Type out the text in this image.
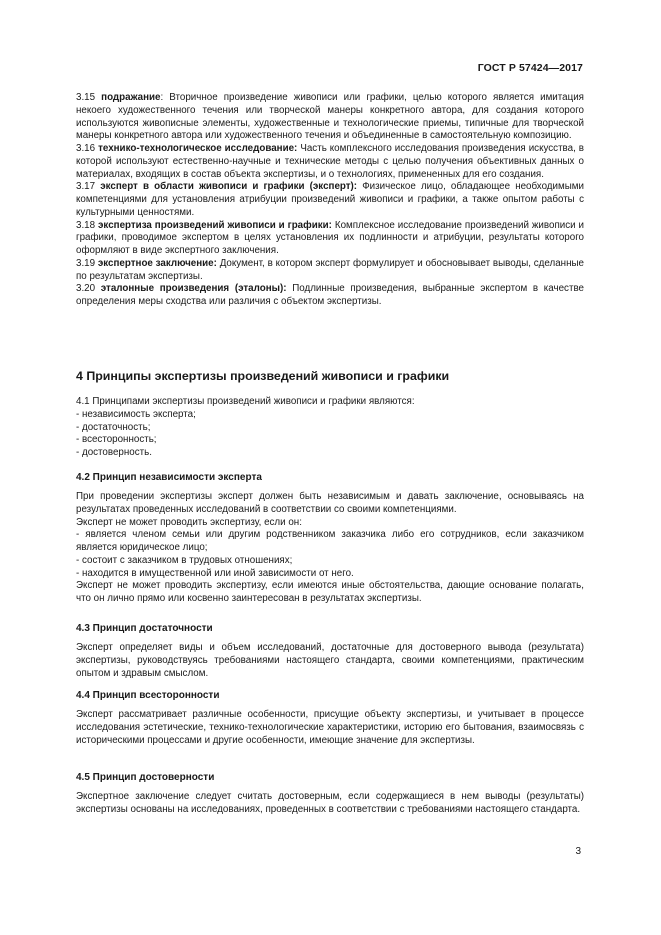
ГОСТ Р 57424—2017

3.15 подражание: Вторичное произведение живописи или графики, целью которого является имитация некоего художественного течения или творческой манеры конкретного автора, для создания которого используются живописные элементы, художественные и технологические приемы, типичные для творческой манеры конкретного автора или художественного течения и объединенные в самостоятельную композицию.

3.16 технико-технологическое исследование: Часть комплексного исследования произведения искусства, в которой используют естественно-научные и технические методы с целью получения объективных данных о материалах, входящих в состав объекта экспертизы, и о технологиях, примененных для его создания.

3.17 эксперт в области живописи и графики (эксперт): Физическое лицо, обладающее необходимыми компетенциями для установления атрибуции произведений живописи и графики, а также опытом работы с культурными ценностями.

3.18 экспертиза произведений живописи и графики: Комплексное исследование произведений живописи и графики, проводимое экспертом в целях установления их подлинности и атрибуции, результаты которого оформляют в виде экспертного заключения.

3.19 экспертное заключение: Документ, в котором эксперт формулирует и обосновывает выводы, сделанные по результатам экспертизы.

3.20 эталонные произведения (эталоны): Подлинные произведения, выбранные экспертом в качестве определения меры сходства или различия с объектом экспертизы.

4 Принципы экспертизы произведений живописи и графики

4.1 Принципами экспертизы произведений живописи и графики являются:

- независимость эксперта;

- достаточность;

- всесторонность;

- достоверность.

4.2 Принцип независимости эксперта

При проведении экспертизы эксперт должен быть независимым и давать заключение, основываясь на результатах проведенных исследований в соответствии со своими компетенциями.

Эксперт не может проводить экспертизу, если он:

- является членом семьи или другим родственником заказчика либо его сотрудников, если заказчиком является юридическое лицо;

- состоит с заказчиком в трудовых отношениях;

- находится в имущественной или иной зависимости от него.

Эксперт не может проводить экспертизу, если имеются иные обстоятельства, дающие основание полагать, что он лично прямо или косвенно заинтересован в результатах экспертизы.

4.3 Принцип достаточности

Эксперт определяет виды и объем исследований, достаточные для достоверного вывода (результата) экспертизы, руководствуясь требованиями настоящего стандарта, своими компетенциями, практическим опытом и здравым смыслом.

4.4 Принцип всесторонности

Эксперт рассматривает различные особенности, присущие объекту экспертизы, и учитывает в процессе исследования эстетические, технико-технологические характеристики, историю его бытования, взаимосвязь с историческими процессами и другие особенности, имеющие значение для экспертизы.

4.5 Принцип достоверности

Экспертное заключение следует считать достоверным, если содержащиеся в нем выводы (результаты) экспертизы основаны на исследованиях, проведенных в соответствии с требованиями настоящего стандарта.

3
